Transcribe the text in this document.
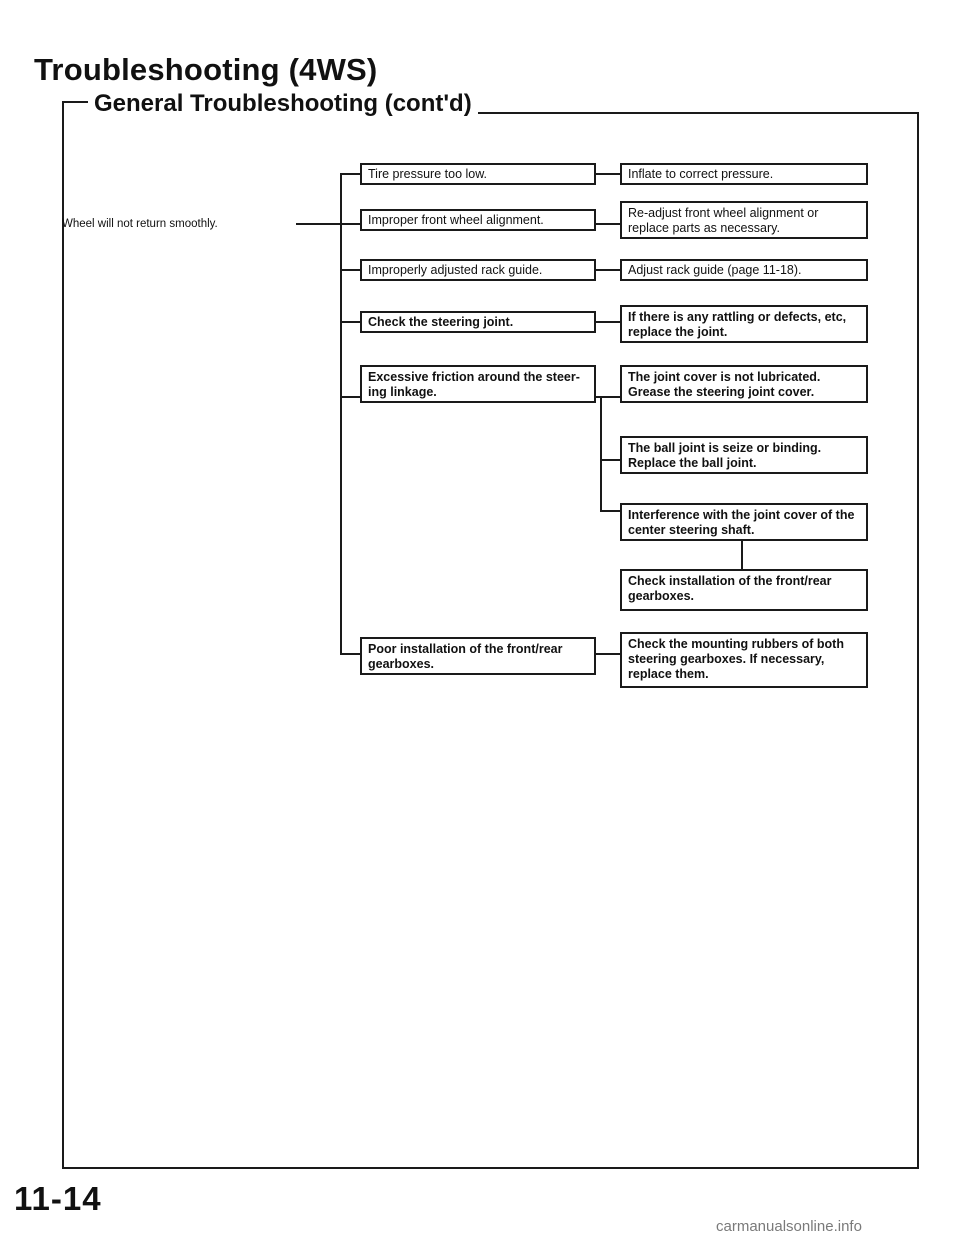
Troubleshooting (4WS)
General Troubleshooting (cont'd)
Wheel will not return smoothly.
Tire pressure too low.
Improper front wheel alignment.
Improperly adjusted rack guide.
Check the steering joint.
Excessive friction around the steer-ing linkage.
Poor installation of the front/rear gearboxes.
Inflate to correct pressure.
Re-adjust front wheel alignment or replace parts as necessary.
Adjust rack guide (page 11-18).
If there is any rattling or defects, etc, replace the joint.
The joint cover is not lubricated. Grease the steering joint cover.
The ball joint is seize or binding. Replace the ball joint.
Interference with the joint cover of the center steering shaft.
Check installation of the front/rear gearboxes.
Check the mounting rubbers of both steering gearboxes. If necessary, replace them.
11-14
carmanualsonline.info
